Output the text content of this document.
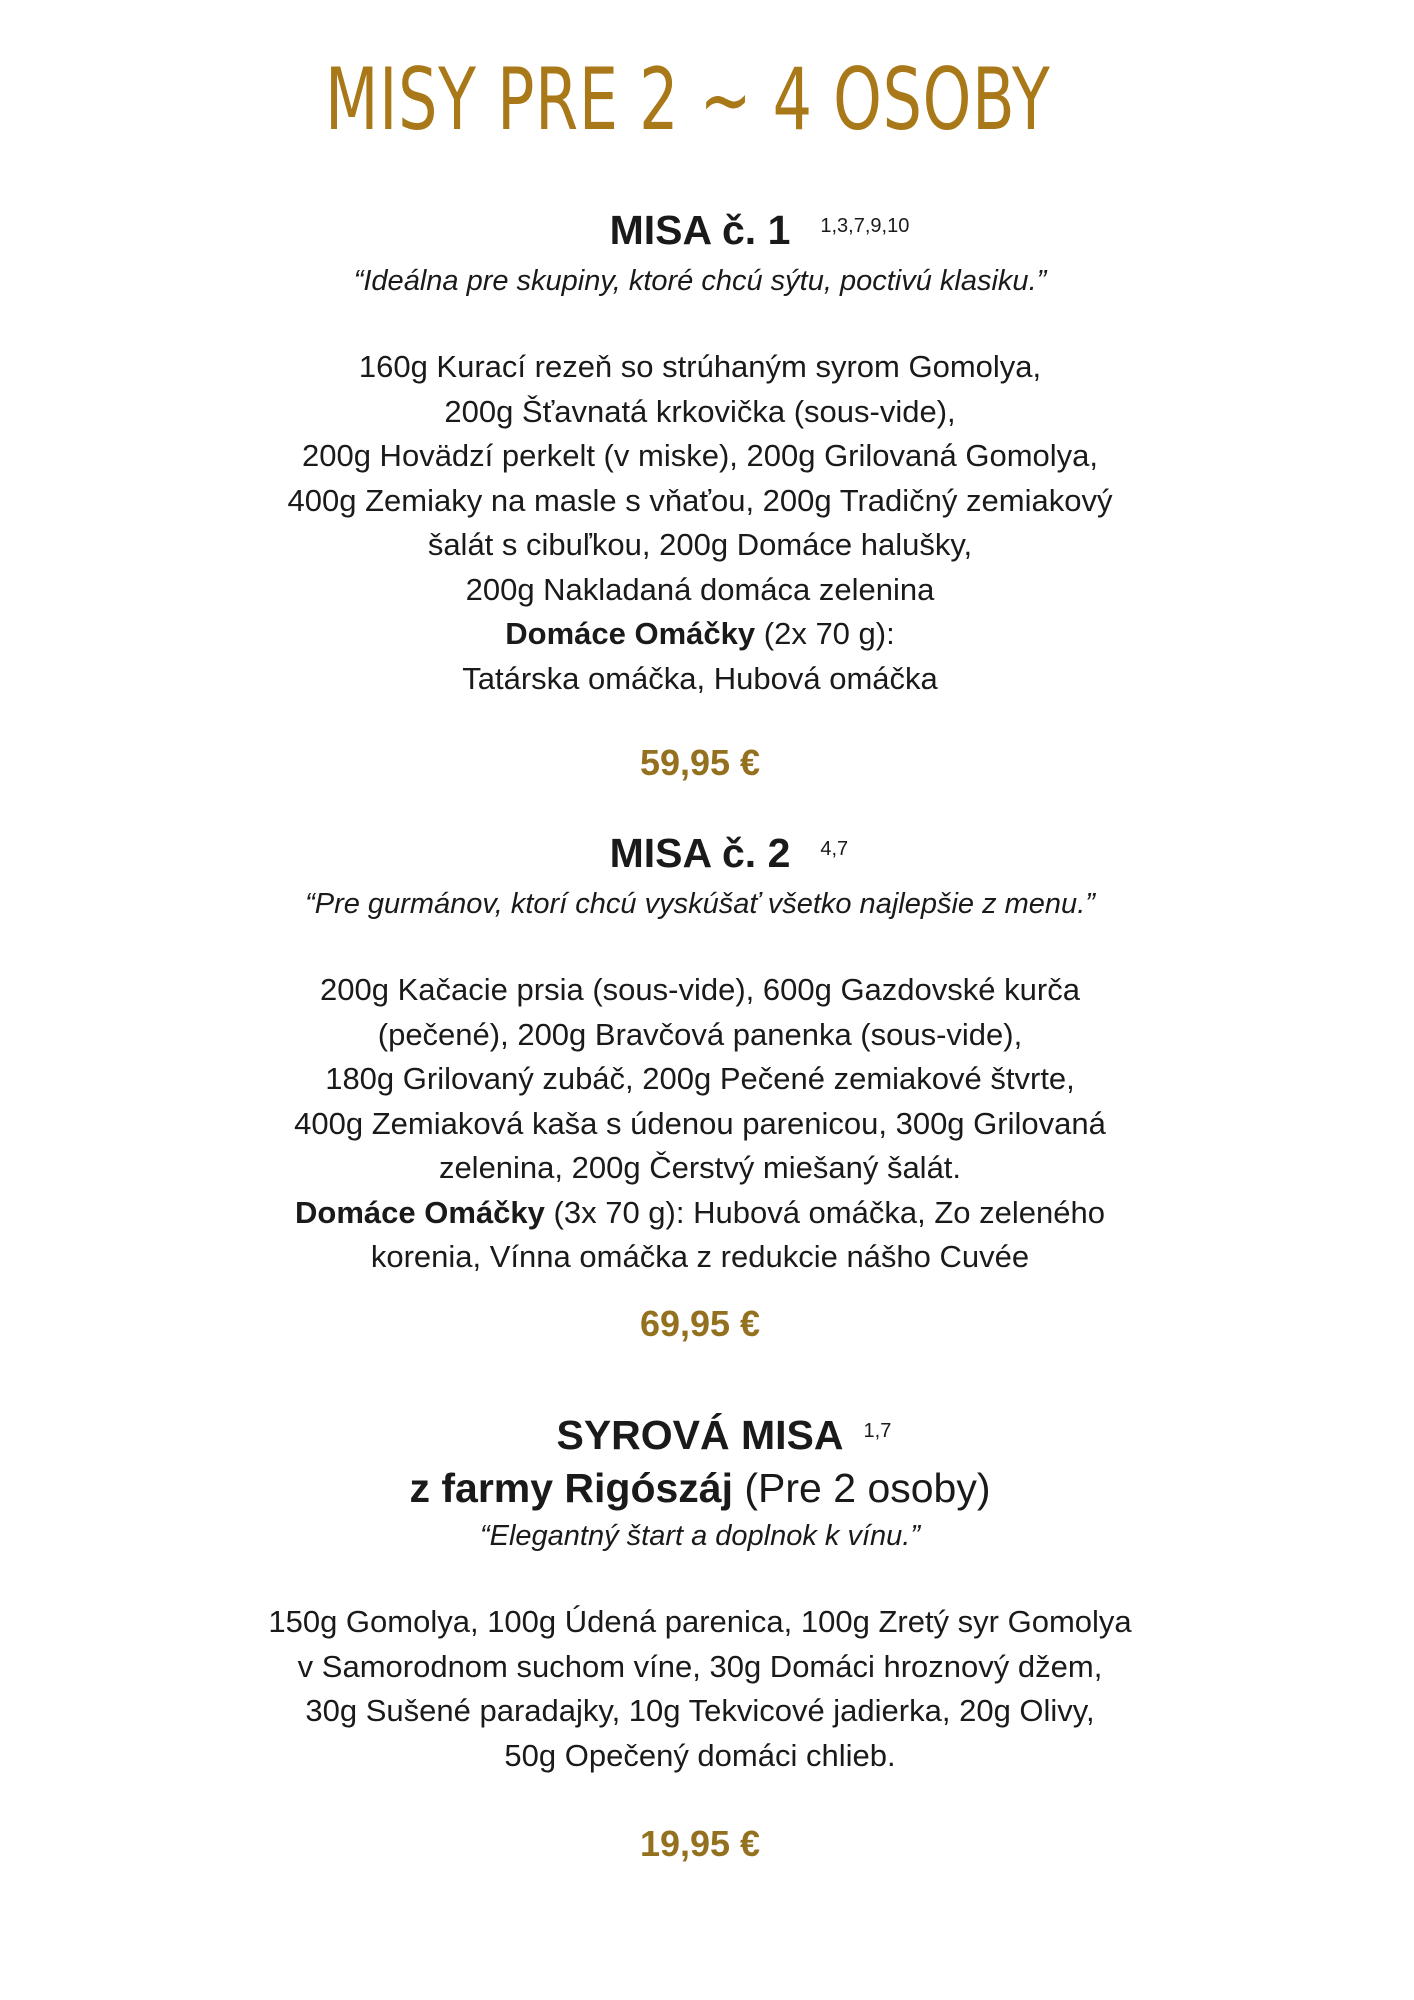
MISY PRE 2 ~ 4 OSOBY
MISA č. 1 1,3,7,9,10
“Ideálna pre skupiny, ktoré chcú sýtu, poctivú klasiku.”
160g Kurací rezeň so strúhaným syrom Gomolya,
200g Šťavnatá krkovička (sous-vide),
200g Hovädzí perkelt (v miske), 200g Grilovaná Gomolya,
400g Zemiaky na masle s vňaťou, 200g Tradičný zemiakový
šalát s cibuľkou, 200g Domáce halušky,
200g Nakladaná domáca zelenina
Domáce Omáčky (2x 70 g):
Tatárska omáčka, Hubová omáčka
59,95 €
MISA č. 2 4,7
“Pre gurmánov, ktorí chcú vyskúšať všetko najlepšie z menu.”
200g Kačacie prsia (sous-vide), 600g Gazdovské kurča
(pečené), 200g Bravčová panenka (sous-vide),
180g Grilovaný zubáč, 200g Pečené zemiakové štvrte,
400g Zemiaková kaša s údenou parenicou, 300g Grilovaná
zelenina, 200g Čerstvý miešaný šalát.
Domáce Omáčky (3x 70 g): Hubová omáčka, Zo zeleného
korenia, Vínna omáčka z redukcie nášho Cuvée
69,95 €
SYROVÁ MISA 1,7
z farmy Rigószáj (Pre 2 osoby)
“Elegantný štart a doplnok k vínu.”
150g Gomolya, 100g Údená parenica, 100g Zretý syr Gomolya
v Samorodnom suchom víne, 30g Domáci hroznový džem,
30g Sušené paradajky, 10g Tekvicové jadierka, 20g Olivy,
50g Opečený domáci chlieb.
19,95 €
